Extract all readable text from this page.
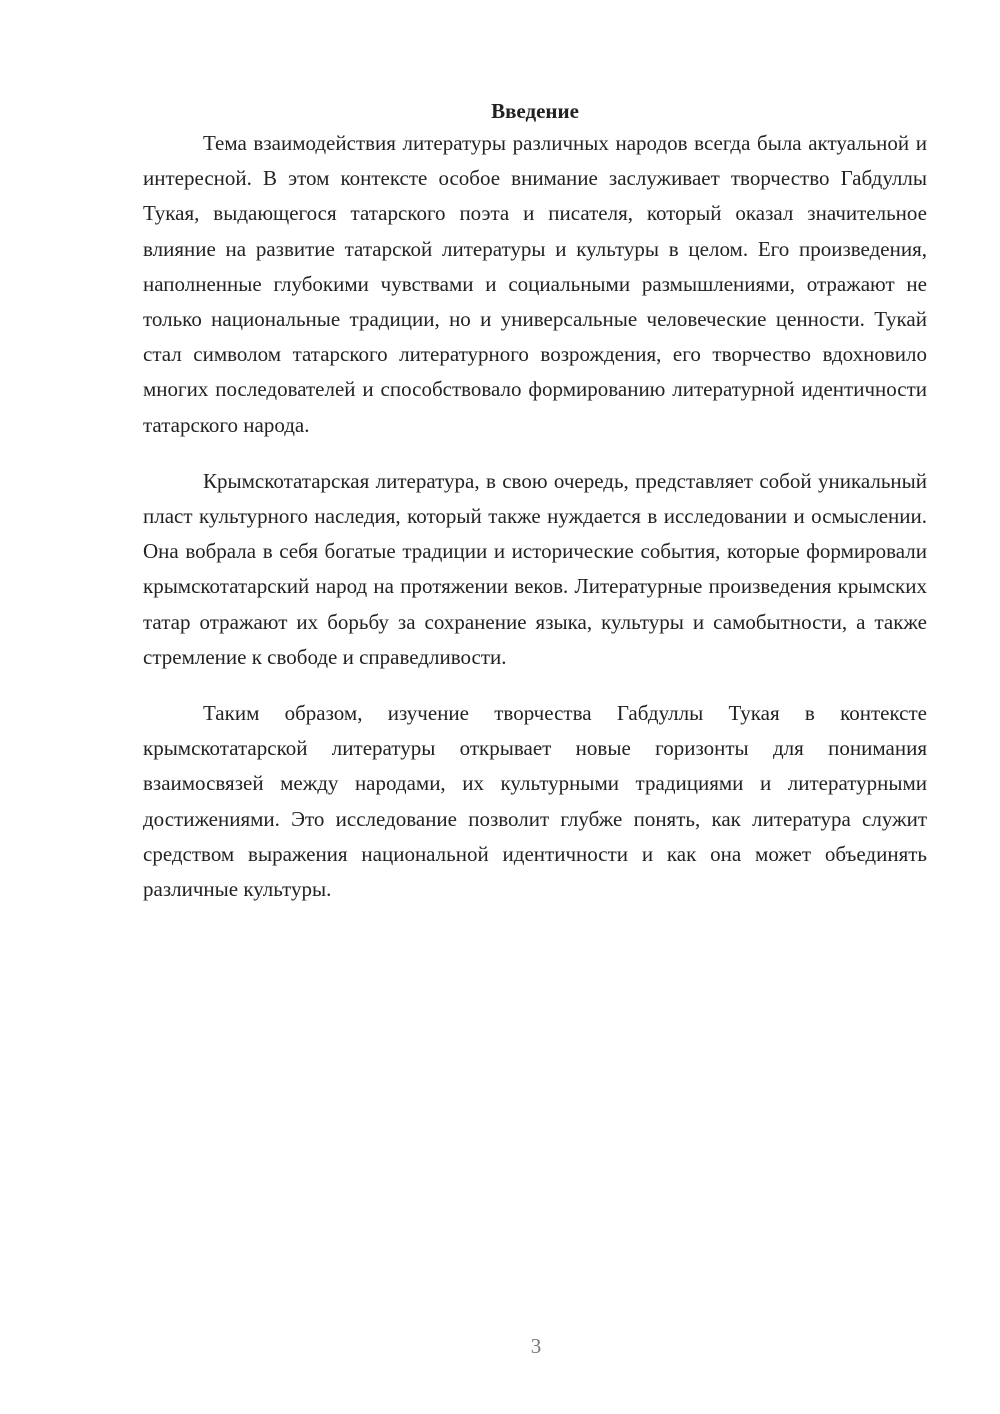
Введение

Тема взаимодействия литературы различных народов всегда была актуальной и интересной. В этом контексте особое внимание заслуживает творчество Габдуллы Тукая, выдающегося татарского поэта и писателя, который оказал значительное влияние на развитие татарской литературы и культуры в целом. Его произведения, наполненные глубокими чувствами и социальными размышлениями, отражают не только национальные традиции, но и универсальные человеческие ценности. Тукай стал символом татарского литературного возрождения, его творчество вдохновило многих последователей и способствовало формированию литературной идентичности татарского народа.

Крымскотатарская литература, в свою очередь, представляет собой уникальный пласт культурного наследия, который также нуждается в исследовании и осмыслении. Она вобрала в себя богатые традиции и исторические события, которые формировали крымскотатарский народ на протяжении веков. Литературные произведения крымских татар отражают их борьбу за сохранение языка, культуры и самобытности, а также стремление к свободе и справедливости.

Таким образом, изучение творчества Габдуллы Тукая в контексте крымскотатарской литературы открывает новые горизонты для понимания взаимосвязей между народами, их культурными традициями и литературными достижениями. Это исследование позволит глубже понять, как литература служит средством выражения национальной идентичности и как она может объединять различные культуры.

3
